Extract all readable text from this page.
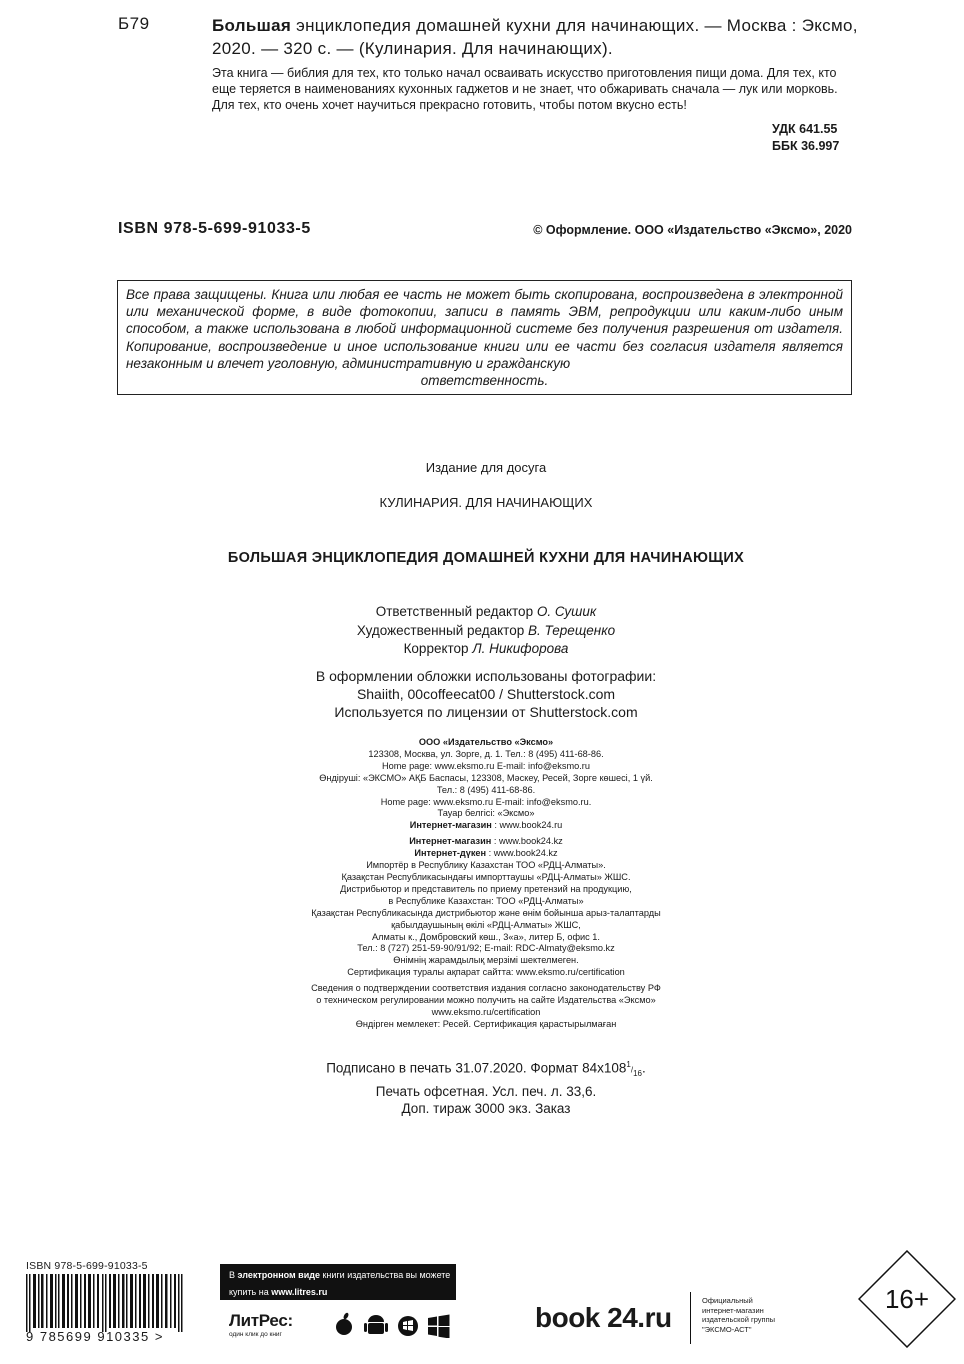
Б79	Большая энциклопедия домашней кухни для начинающих. — Москва : Эксмо, 2020. — 320 с. — (Кулинария. Для начинающих).
Эта книга — библия для тех, кто только начал осваивать искусство приготовления пищи дома. Для тех, кто еще теряется в наименованиях кухонных гаджетов и не знает, что обжаривать сначала — лук или морковь. Для тех, кто очень хочет научиться прекрасно готовить, чтобы потом вкусно есть!
УДК 641.55
ББК 36.997
ISBN 978-5-699-91033-5	© Оформление. ООО «Издательство «Эксмо», 2020
Все права защищены. Книга или любая ее часть не может быть скопирована, воспроизведена в электронной или механической форме, в виде фотокопии, записи в память ЭВМ, репродукции или каким-либо иным способом, а также использована в любой информационной системе без получения разрешения от издателя. Копирование, воспроизведение и иное использование книги или ее части без согласия издателя является незаконным и влечет уголовную, административную и гражданскую
ответственность.
Издание для досуга
КУЛИНАРИЯ. ДЛЯ НАЧИНАЮЩИХ
БОЛЬШАЯ ЭНЦИКЛОПЕДИЯ ДОМАШНЕЙ КУХНИ ДЛЯ НАЧИНАЮЩИХ
Ответственный редактор О. Сушик
Художественный редактор В. Терещенко
Корректор Л. Никифорова
В оформлении обложки использованы фотографии:
Shaiith, 00coffeecat00 / Shutterstock.com
Используется по лицензии от Shutterstock.com
ООО «Издательство «Эксмо»
123308, Москва, ул. Зорге, д. 1. Тел.: 8 (495) 411-68-86.
Home page: www.eksmo.ru E-mail: info@eksmo.ru
Өндіруші: «ЭКСМО» АҚБ Баспасы, 123308, Мәскеу, Ресей, Зорге көшесі, 1 үй.
Тел.: 8 (495) 411-68-86.
Home page: www.eksmo.ru E-mail: info@eksmo.ru.
Тауар белгісі: «Эксмо»
Интернет-магазин : www.book24.ru
Интернет-магазин : www.book24.kz
Интернет-дүкен : www.book24.kz
Импортёр в Республику Казахстан ТОО «РДЦ-Алматы».
Қазақстан Республикасындағы импорттаушы «РДЦ-Алматы» ЖШС.
Дистрибьютор и представитель по приему претензий на продукцию,
в Республике Казахстан: ТОО «РДЦ-Алматы»
Қазақстан Республикасында дистрибьютор және өнім бойынша арыз-талаптарды
қабылдаушының өкілі «РДЦ-Алматы» ЖШС,
Алматы к., Домбровский көш., 3«а», литер Б, офис 1.
Тел.: 8 (727) 251-59-90/91/92; E-mail: RDC-Almaty@eksmo.kz
Өнімнің жарамдылық мерзімі шектелмеген.
Сертификация туралы ақпарат сайтта: www.eksmo.ru/certification
Сведения о подтверждении соответствия издания согласно законодательству РФ
о техническом регулировании можно получить на сайте Издательства «Эксмо»
www.eksmo.ru/certification
Өндірген мемлекет: Ресей. Сертификация қарастырылмаған
Подписано в печать 31.07.2020. Формат $84x108^1/_{16}$.
Печать офсетная. Усл. печ. л. 33,6.
Доп. тираж 3000 экз. Заказ
ISBN 978-5-699-91033-5
9 785699 910335 >
В электронном виде книги издательства вы можете
купить на www.litres.ru
ЛитРес:
один клик до книг
book 24.ru
Официальный
интернет-магазин
издательской группы
"ЭКСМО-АСТ"
16+
